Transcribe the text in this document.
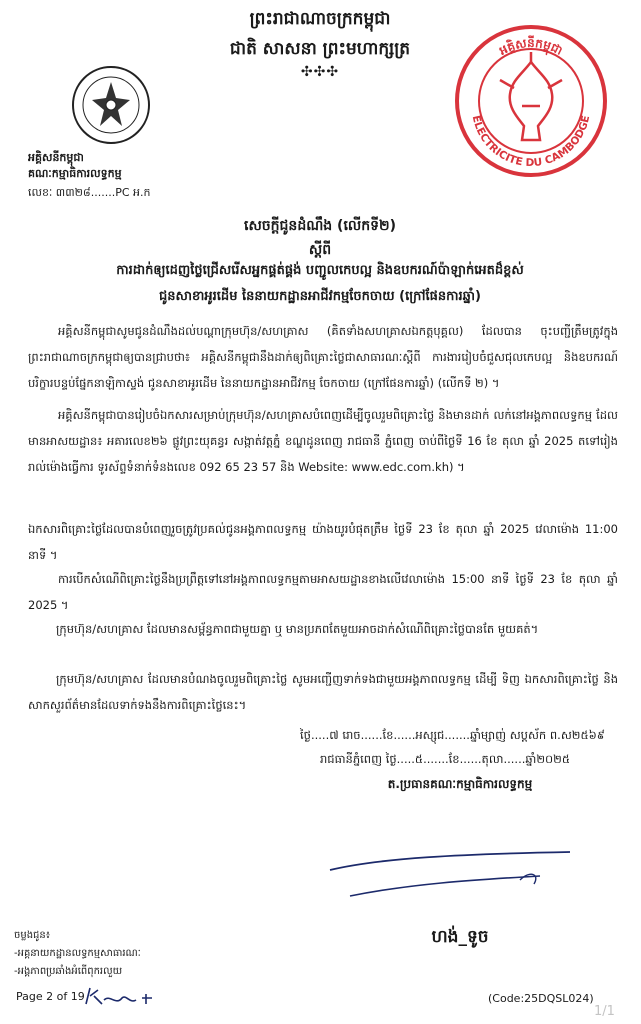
ព្រះរាជាណាចក្រកម្ពុជា
ជាតិ សាសនា ព្រះមហាក្សត្រ
✣✣✣
អគ្គិសនីកម្ពុជា
គណៈកម្មាធិការលទ្ធកម្ម
លេខៈ ៣៣២៨.......PC អ.ក
អគ្គិសនីកម្ពុជា
ELECTRICITE DU CAMBODGE
សេចក្តីជូនដំណឹង (លើកទី២)
ស្តីពី
ការដាក់ឲ្យដេញថ្លៃជ្រើសរើសអ្នកផ្គត់ផ្គង់ បញ្ជូលកេបល្អ និងឧបករណ៍ប៉ាឡាក់អេតដ៏ខ្ពស់
ជូនសាខាអូរដើម នៃនាយកដ្ឋានអាជីវកម្មចែកចាយ (ក្រៅផែនការឆ្នាំ)
អគ្គិសនីកម្ពុជាសូមជូនដំណឹងដល់បណ្តាក្រុមហ៊ុន/សហគ្រាស (គិតទាំងសហគ្រាសឯកត្តបុគ្គល) ដែលបាន ចុះបញ្ជីត្រឹមត្រូវក្នុងព្រះរាជាណាចក្រកម្ពុជាឲ្យបានជ្រាបថា៖ អគ្គិសនីកម្ពុជានឹងដាក់ឲ្យពិគ្រោះថ្លៃជាសាធារណៈស្តីពី ការងាររៀបចំជួសជុលកេបល្អ និងឧបករណ៍បរិក្ខារបន្ទប់ផ្នែកនាឡិកាស្ទង់ ជូនសាខាអូរដើម នៃនាយកដ្ឋានអាជីវកម្ម ចែកចាយ (ក្រៅផែនការឆ្នាំ) (លើកទី ២) ។
អគ្គិសនីកម្ពុជាបានរៀបចំឯកសារសម្រាប់ក្រុមហ៊ុន/សហគ្រាសបំពេញដើម្បីចូលរួមពិគ្រោះថ្លៃ និងមានដាក់ លក់នៅអង្គភាពលទ្ធកម្ម ដែលមានអាសយដ្ឋាន៖ អគារលេខ២៦ ផ្លូវព្រះយុគន្ធរ សង្កាត់វត្តភ្នំ ខណ្ឌដូនពេញ រាជធានី ភ្នំពេញ ចាប់ពីថ្ងៃទី 16 ខែ តុលា ឆ្នាំ 2025 តទៅរៀងរាល់ម៉ោងធ្វើការ ទូរស័ព្ទទំនាក់ទំនងលេខ 092 65 23 57 និង Website: www.edc.com.kh) ។
ឯកសារពិគ្រោះថ្លៃដែលបានបំពេញរួចត្រូវប្រគល់ជូនអង្គភាពលទ្ធកម្ម យ៉ាងយូរបំផុតត្រឹម ថ្ងៃទី 23 ខែ តុលា ឆ្នាំ 2025 វេលាម៉ោង 11:00 នាទី ។
ការបើកសំណើពិគ្រោះថ្លៃនឹងប្រព្រឹត្តទៅនៅអង្គភាពលទ្ធកម្មតាមអាសយដ្ឋានខាងលើវេលាម៉ោង 15:00 នាទី ថ្ងៃទី 23 ខែ តុលា ឆ្នាំ 2025 ។
ក្រុមហ៊ុន/សហគ្រាស ដែលមានសម្ព័ន្ធភាពជាមួយគ្នា ឬ មានប្រភពតែមួយអាចដាក់សំណើពិគ្រោះថ្លៃបានតែ មួយគត់។
ក្រុមហ៊ុន/សហគ្រាស ដែលមានបំណងចូលរួមពិគ្រោះថ្លៃ សូមអញ្ជើញទាក់ទងជាមួយអង្គភាពលទ្ធកម្ម ដើម្បី ទិញ ឯកសារពិគ្រោះថ្លៃ និងសាកសួរព័ត៌មានដែលទាក់ទងនឹងការពិគ្រោះថ្លៃនេះ។
ថ្ងៃ.....៧ រោច......ខែ......អស្សុជ.......ឆ្នាំម្សាញ់ សប្តស័ក ព.ស២៥៦៩
រាជធានីភ្នំពេញ ថ្ងៃ.....៥.......ខែ......តុលា......ឆ្នាំ២០២៥
ត.ប្រធានគណៈកម្មាធិការលទ្ធកម្ម
ហង់_ទូច
ចម្លងជូន៖
-អគ្គនាយកដ្ឋានលទ្ធកម្មសាធារណៈ
-អង្គភាពប្រឆាំងអំពើពុករលួយ
Page 2 of 19	(Code:25DQSL024)
1/1
